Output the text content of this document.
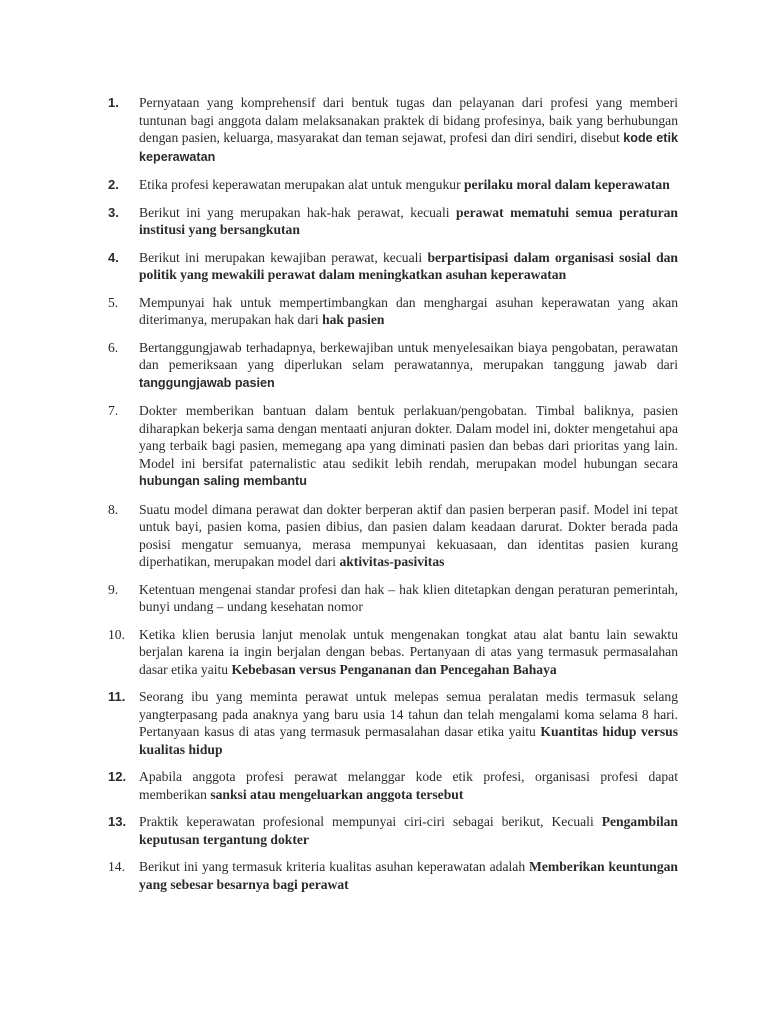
1.	Pernyataan yang komprehensif dari bentuk tugas dan pelayanan dari profesi yang memberi tuntunan bagi anggota dalam melaksanakan praktek di bidang profesinya, baik yang berhubungan dengan pasien, keluarga, masyarakat dan teman sejawat, profesi dan diri sendiri, disebut kode etik keperawatan
2.	Etika profesi keperawatan merupakan alat untuk mengukur perilaku moral dalam keperawatan
3.	Berikut ini yang merupakan hak-hak perawat, kecuali perawat mematuhi semua peraturan institusi yang bersangkutan
4.	Berikut ini merupakan kewajiban perawat, kecuali berpartisipasi dalam organisasi sosial dan politik yang mewakili perawat dalam meningkatkan asuhan keperawatan
5.	Mempunyai hak untuk mempertimbangkan dan menghargai asuhan keperawatan yang akan diterimanya, merupakan hak dari hak pasien
6.	Bertanggungjawab terhadapnya, berkewajiban untuk menyelesaikan biaya pengobatan, perawatan dan pemeriksaan yang diperlukan selam perawatannya, merupakan tanggung jawab dari tanggungjawab pasien
7.	Dokter memberikan bantuan dalam bentuk perlakuan/pengobatan. Timbal baliknya, pasien diharapkan bekerja sama dengan mentaati anjuran dokter. Dalam model ini, dokter mengetahui apa yang terbaik bagi pasien, memegang apa yang diminati pasien dan bebas dari prioritas yang lain. Model ini bersifat paternalistic atau sedikit lebih rendah, merupakan model hubungan secara hubungan saling membantu
8.	Suatu model dimana perawat dan dokter berperan aktif dan pasien berperan pasif. Model ini tepat untuk bayi, pasien koma, pasien dibius, dan pasien dalam keadaan darurat. Dokter berada pada posisi mengatur semuanya, merasa mempunyai kekuasaan, dan identitas pasien kurang diperhatikan, merupakan model dari aktivitas-pasivitas
9.	Ketentuan mengenai standar profesi dan hak – hak klien ditetapkan dengan peraturan pemerintah, bunyi undang – undang kesehatan nomor
10.	Ketika klien berusia lanjut menolak untuk mengenakan tongkat atau alat bantu lain sewaktu berjalan karena ia ingin berjalan dengan bebas. Pertanyaan di atas yang termasuk permasalahan dasar etika yaitu Kebebasan versus Pengananan dan Pencegahan Bahaya
11.	Seorang ibu yang meminta perawat untuk melepas semua peralatan medis termasuk selang yangterpasang pada anaknya yang baru usia 14 tahun dan telah mengalami koma selama 8 hari. Pertanyaan kasus di atas yang termasuk permasalahan dasar etika yaitu Kuantitas hidup versus kualitas hidup
12. Apabila anggota profesi perawat melanggar kode etik profesi, organisasi profesi dapat memberikan sanksi atau mengeluarkan anggota tersebut
13. Praktik keperawatan profesional mempunyai ciri-ciri sebagai berikut, Kecuali Pengambilan keputusan tergantung dokter
14.	Berikut ini yang termasuk kriteria kualitas asuhan keperawatan adalah Memberikan keuntungan yang sebesar besarnya bagi perawat
